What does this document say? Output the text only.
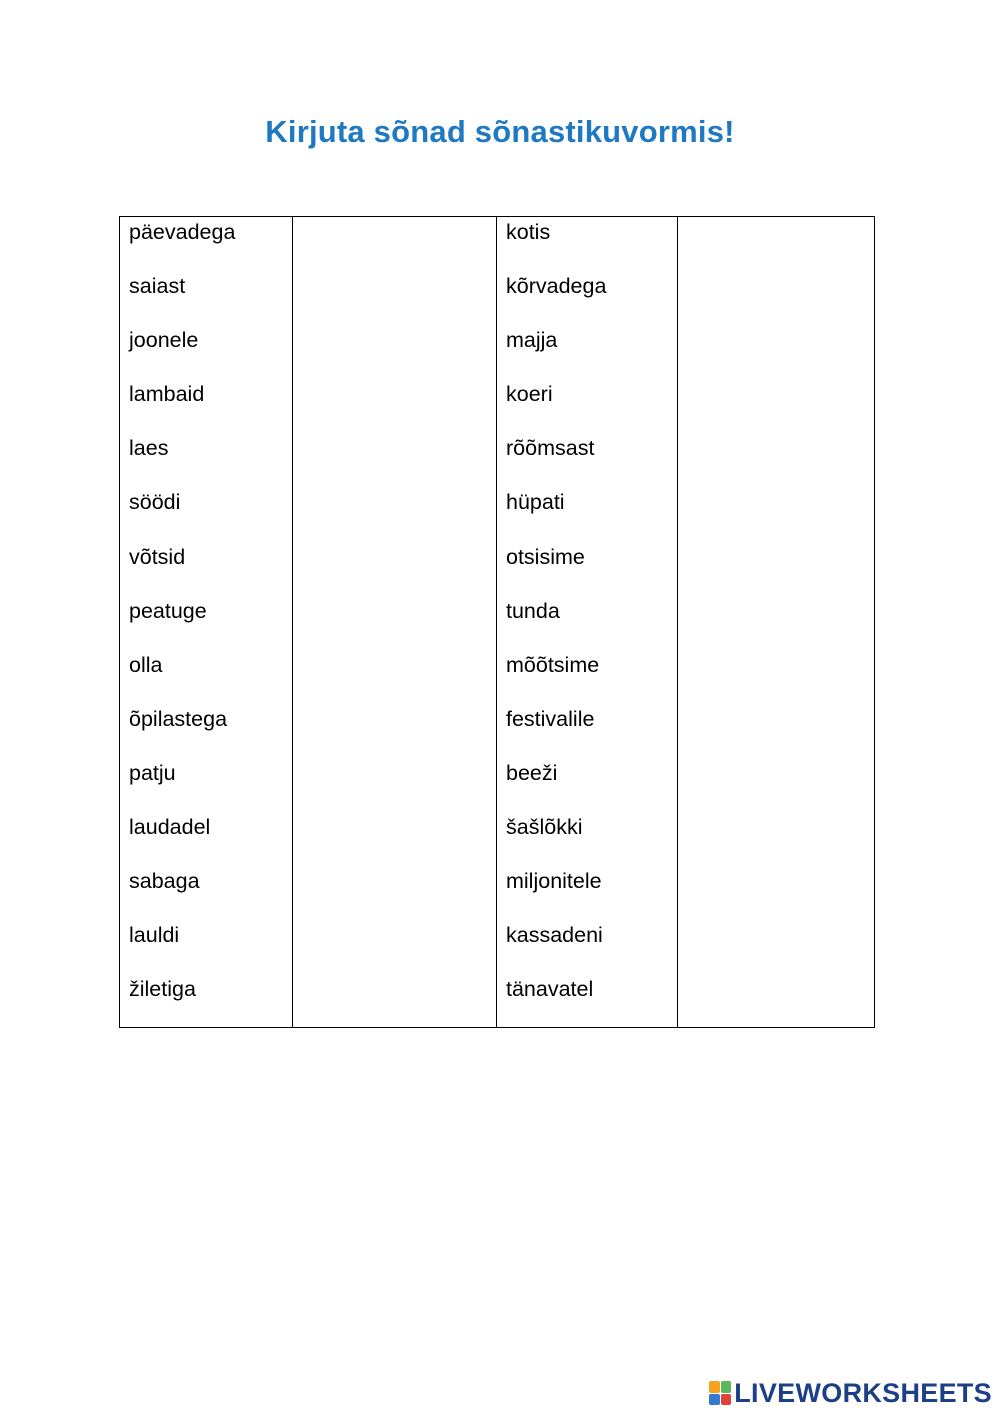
Kirjuta sõnad sõnastikuvormis!
päevadega
saiast
joonele
lambaid
laes
söödi
võtsid
peatuge
olla
õpilastega
patju
laudadel
sabaga
lauldi
žiletiga
kotis
kõrvadega
majja
koeri
rõõmsast
hüpati
otsisime
tunda
mõõtsime
festivalile
beeži
šašlõkki
miljonitele
kassadeni
tänavatel
LIVEWORKSHEETS
